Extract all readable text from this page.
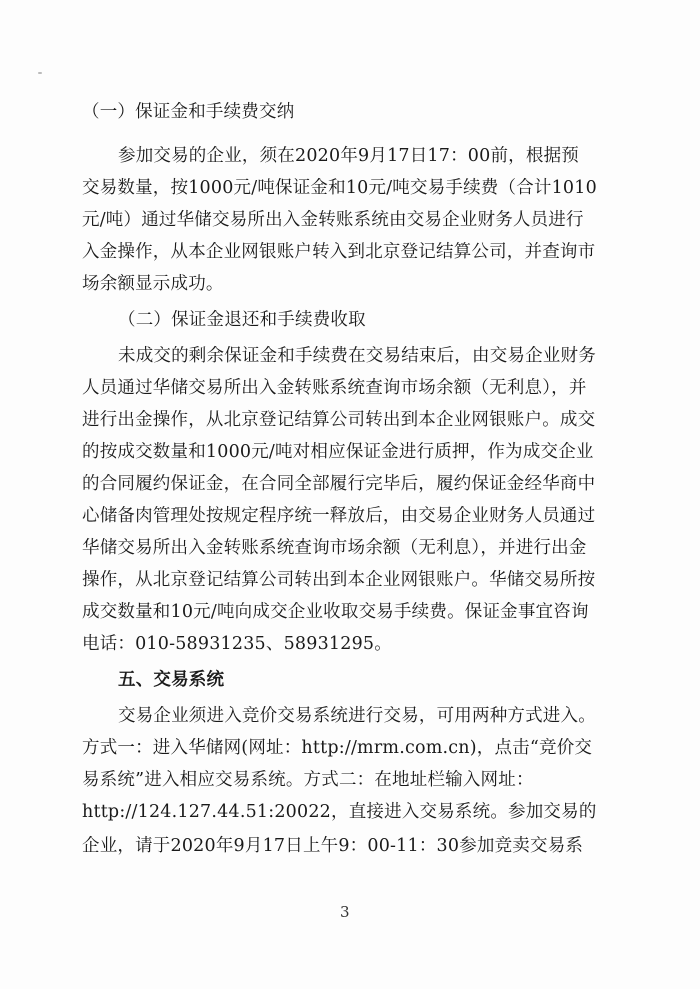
（一）保证金和手续费交纳
参加交易的企业，须在2020年9月17日17：00前，根据预
交易数量，按1000元/吨保证金和10元/吨交易手续费（合计1010
元/吨）通过华储交易所出入金转账系统由交易企业财务人员进行
入金操作，从本企业网银账户转入到北京登记结算公司，并查询市
场余额显示成功。
（二）保证金退还和手续费收取
未成交的剩余保证金和手续费在交易结束后，由交易企业财务
人员通过华储交易所出入金转账系统查询市场余额（无利息），并
进行出金操作，从北京登记结算公司转出到本企业网银账户。成交
的按成交数量和1000元/吨对相应保证金进行质押，作为成交企业
的合同履约保证金，在合同全部履行完毕后，履约保证金经华商中
心储备肉管理处按规定程序统一释放后，由交易企业财务人员通过
华储交易所出入金转账系统查询市场余额（无利息），并进行出金
操作，从北京登记结算公司转出到本企业网银账户。华储交易所按
成交数量和10元/吨向成交企业收取交易手续费。保证金事宜咨询
电话：010-58931235、58931295。
五、交易系统
交易企业须进入竞价交易系统进行交易，可用两种方式进入。
方式一：进入华储网(网址：http://mrm.com.cn)，点击“竞价交
易系统”进入相应交易系统。方式二：在地址栏输入网址：
http://124.127.44.51:20022，直接进入交易系统。参加交易的
企业，请于2020年9月17日上午9：00-11：30参加竞卖交易系
3
